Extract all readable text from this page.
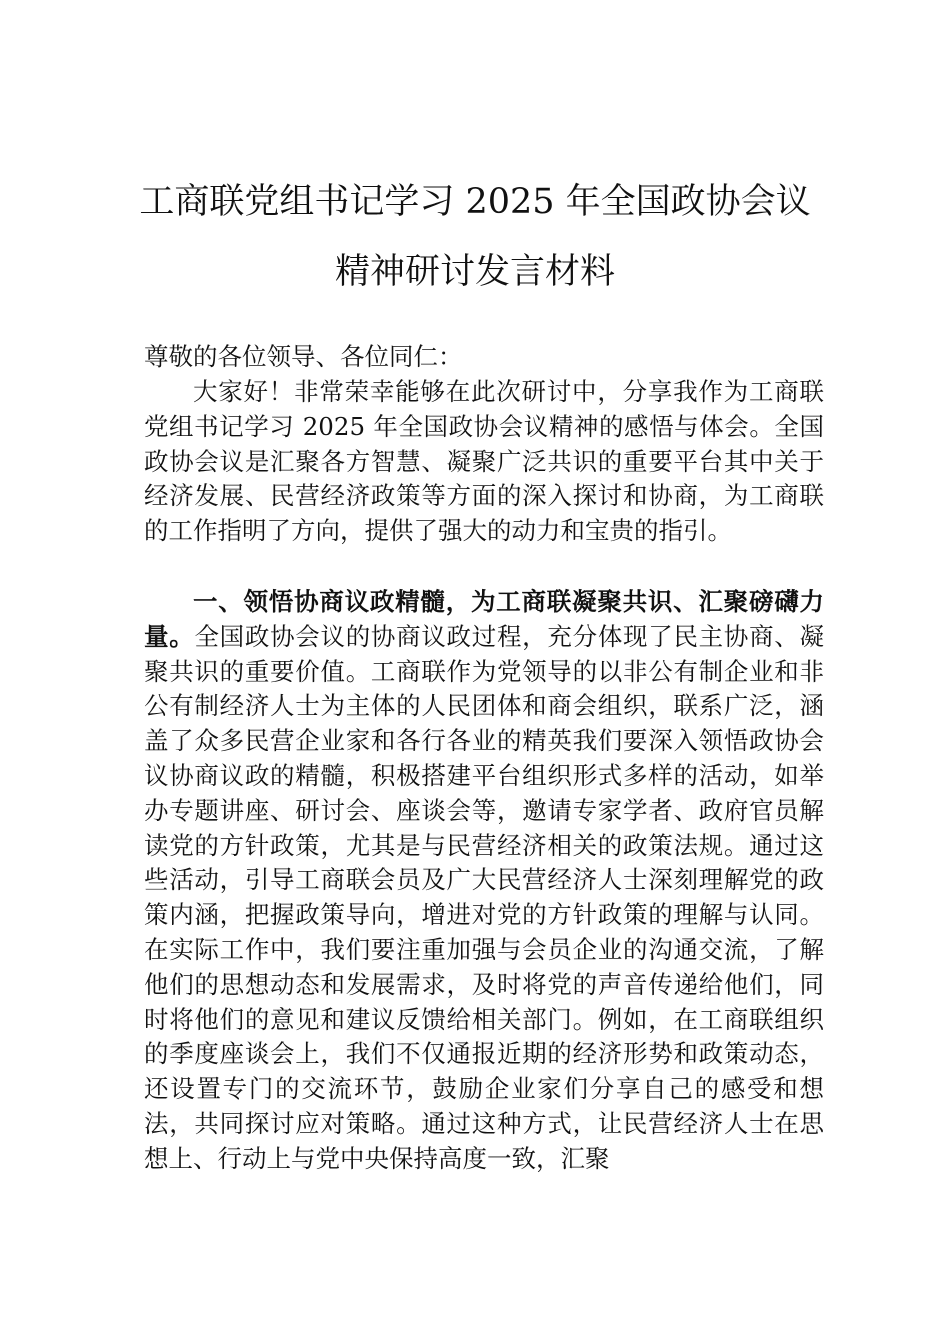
工商联党组书记学习 2025 年全国政协会议
精神研讨发言材料
尊敬的各位领导、各位同仁：

大家好！非常荣幸能够在此次研讨中，分享我作为工商联党组书记学习 2025 年全国政协会议精神的感悟与体会。全国政协会议是汇聚各方智慧、凝聚广泛共识的重要平台其中关于经济发展、民营经济政策等方面的深入探讨和协商，为工商联的工作指明了方向，提供了强大的动力和宝贵的指引。

一、领悟协商议政精髓，为工商联凝聚共识、汇聚磅礴力量。全国政协会议的协商议政过程，充分体现了民主协商、凝聚共识的重要价值。工商联作为党领导的以非公有制企业和非公有制经济人士为主体的人民团体和商会组织，联系广泛，涵盖了众多民营企业家和各行各业的精英我们要深入领悟政协会议协商议政的精髓，积极搭建平台组织形式多样的活动，如举办专题讲座、研讨会、座谈会等，邀请专家学者、政府官员解读党的方针政策，尤其是与民营经济相关的政策法规。通过这些活动，引导工商联会员及广大民营经济人士深刻理解党的政策内涵，把握政策导向，增进对党的方针政策的理解与认同。在实际工作中，我们要注重加强与会员企业的沟通交流，了解他们的思想动态和发展需求，及时将党的声音传递给他们，同时将他们的意见和建议反馈给相关部门。例如，在工商联组织的季度座谈会上，我们不仅通报近期的经济形势和政策动态，还设置专门的交流环节，鼓励企业家们分享自己的感受和想法，共同探讨应对策略。通过这种方式，让民营经济人士在思想上、行动上与党中央保持高度一致，汇聚
